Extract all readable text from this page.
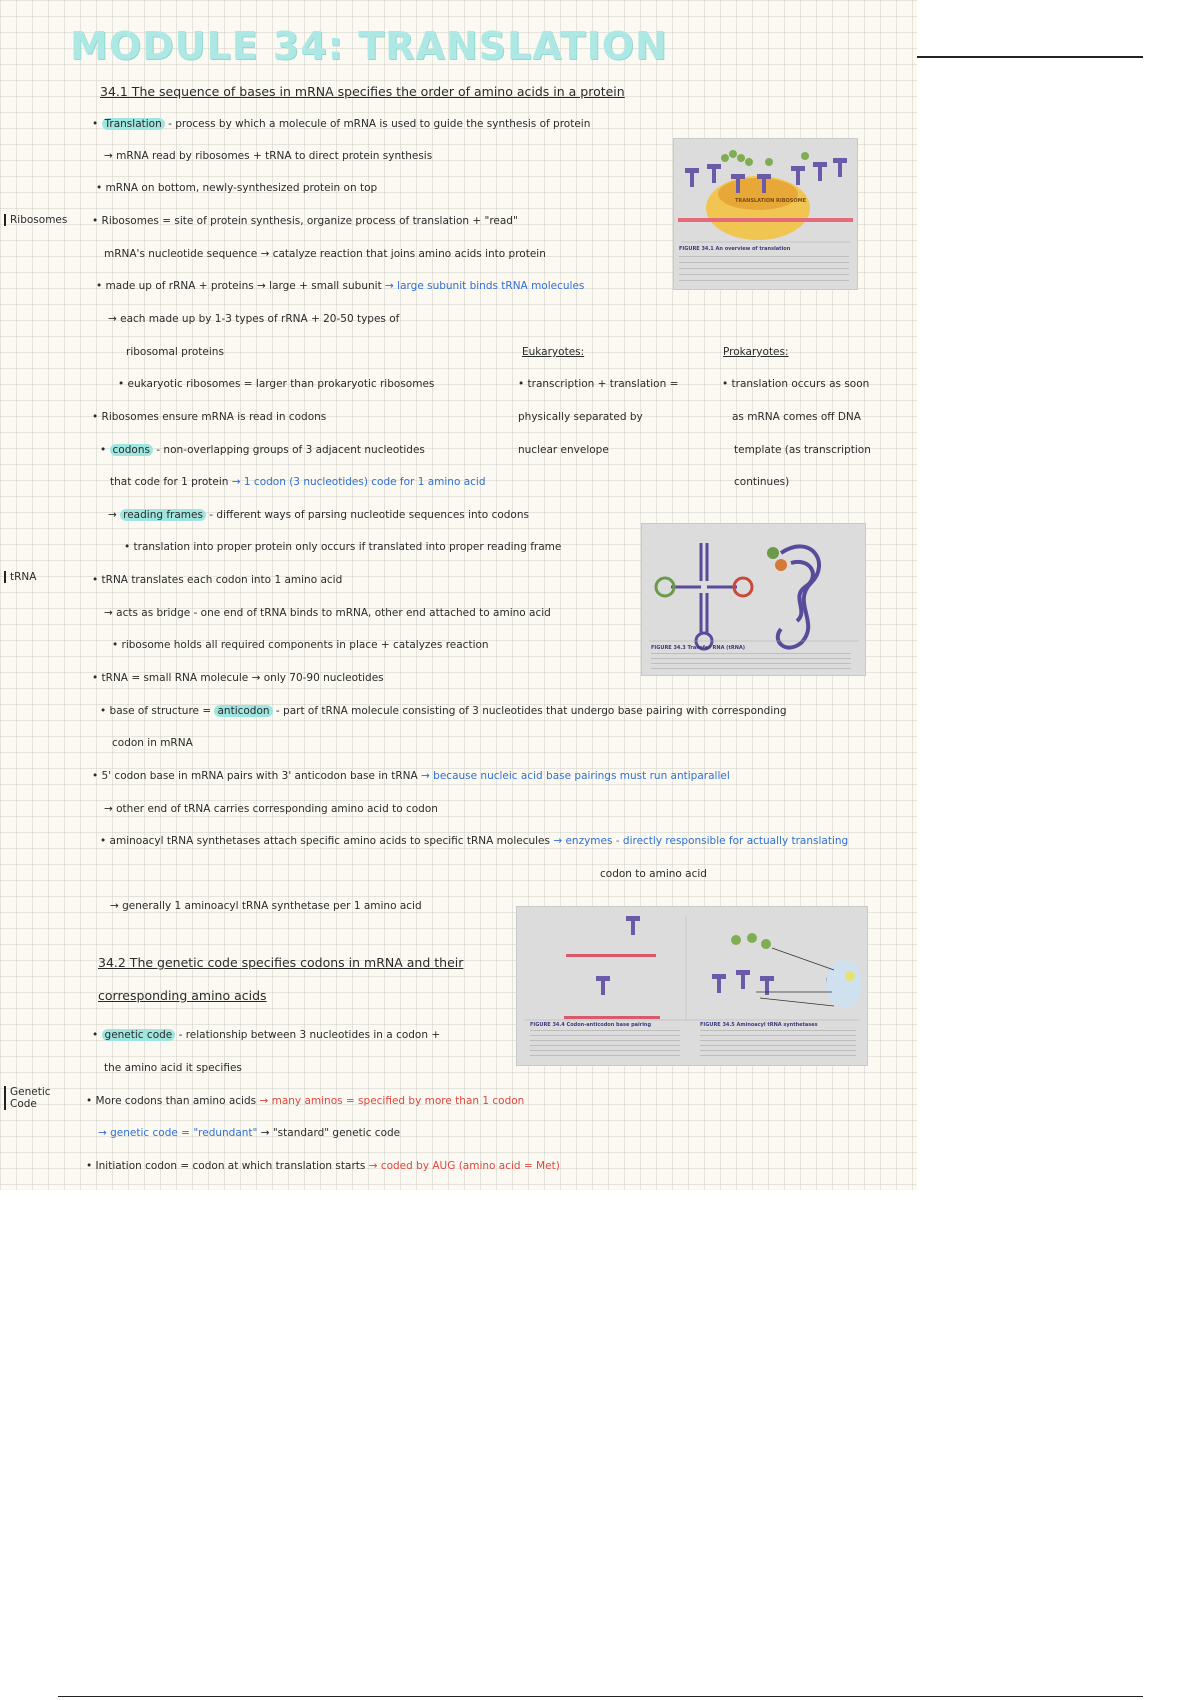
MODULE 34: TRANSLATION
34.1 The sequence of bases in mRNA specifies the order of amino acids in a protein
• Translation - process by which a molecule of mRNA is used to guide the synthesis of protein
→ mRNA read by ribosomes + tRNA to direct protein synthesis
• mRNA on bottom, newly-synthesized protein on top
• Ribosomes = site of protein synthesis, organize process of translation + "read"
mRNA's nucleotide sequence → catalyze reaction that joins amino acids into protein
• made up of rRNA + proteins → large + small subunit → large subunit binds tRNA molecules
→ each made up by 1-3 types of rRNA + 20-50 types of
ribosomal proteins
• eukaryotic ribosomes = larger than prokaryotic ribosomes
• Ribosomes ensure mRNA is read in codons
• codons - non-overlapping groups of 3 adjacent nucleotides
that code for 1 protein → 1 codon (3 nucleotides) code for 1 amino acid
→ reading frames - different ways of parsing nucleotide sequences into codons
• translation into proper protein only occurs if translated into proper reading frame
Eukaryotes:
• transcription + translation =
physically separated by
nuclear envelope
Prokaryotes:
• translation occurs as soon
as mRNA comes off DNA
template (as transcription
continues)
• tRNA translates each codon into 1 amino acid
→ acts as bridge - one end of tRNA binds to mRNA, other end attached to amino acid
• ribosome holds all required components in place + catalyzes reaction
• tRNA = small RNA molecule → only 70-90 nucleotides
• base of structure = anticodon - part of tRNA molecule consisting of 3 nucleotides that undergo base pairing with corresponding
codon in mRNA
• 5' codon base in mRNA pairs with 3' anticodon base in tRNA → because nucleic acid base pairings must run antiparallel
→ other end of tRNA carries corresponding amino acid to codon
• aminoacyl tRNA synthetases attach specific amino acids to specific tRNA molecules → enzymes - directly responsible for actually translating
codon to amino acid
→ generally 1 aminoacyl tRNA synthetase per 1 amino acid
34.2 The genetic code specifies codons in mRNA and their
corresponding amino acids
• genetic code - relationship between 3 nucleotides in a codon +
the amino acid it specifies
• More codons than amino acids → many aminos = specified by more than 1 codon
→ genetic code = "redundant" → "standard" genetic code
• Initiation codon = codon at which translation starts → coded by AUG (amino acid = Met)
Ribosomes
tRNA
Genetic Code
TRANSLATION RIBOSOME
FIGURE 34.1 An overview of translation
FIGURE 34.3 Transfer RNA (tRNA)
FIGURE 34.4 Codon-anticodon base pairing	FIGURE 34.5 Aminoacyl tRNA synthetases
